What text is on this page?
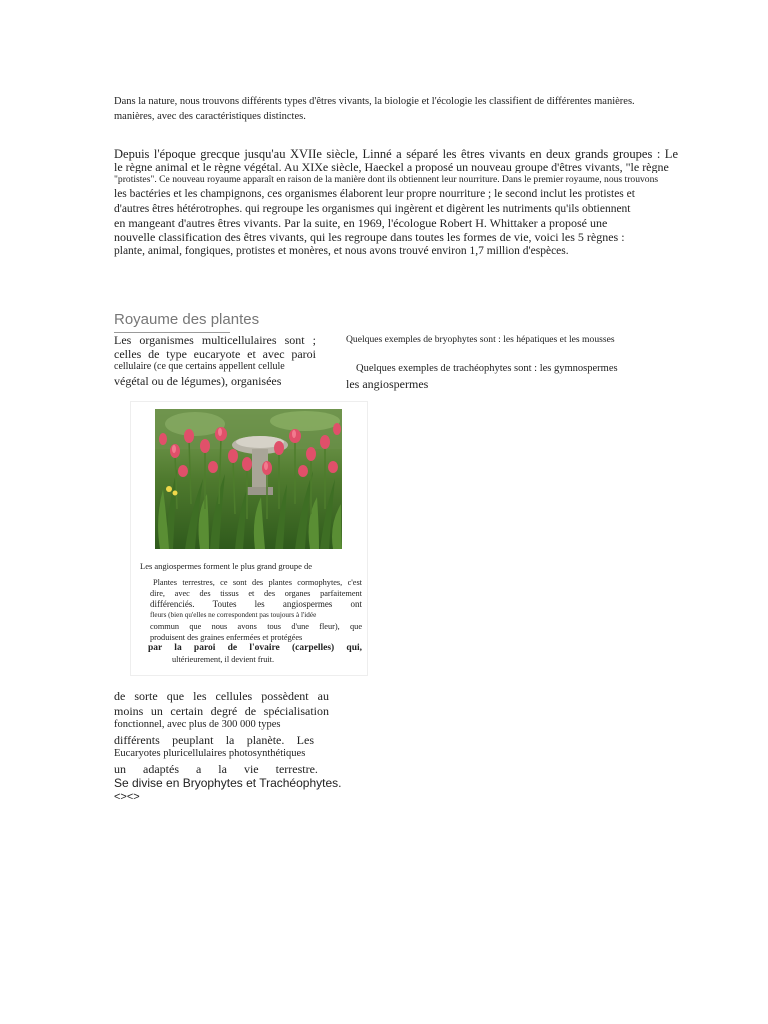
Dans la nature, nous trouvons différents types d'êtres vivants, la biologie et l'écologie les classifient de différentes manières.
manières, avec des caractéristiques distinctes.
Depuis l'époque grecque jusqu'au XVIIe siècle, Linné a séparé les êtres vivants en deux grands groupes : Le
le règne animal et le règne végétal. Au XIXe siècle, Haeckel a proposé un nouveau groupe d'êtres vivants, "le règne
"protistes". Ce nouveau royaume apparaît en raison de la manière dont ils obtiennent leur nourriture. Dans le premier royaume, nous trouvons
les bactéries et les champignons, ces organismes élaborent leur propre nourriture ; le second inclut les protistes et
d'autres êtres hétérotrophes. qui regroupe les organismes qui ingèrent et digèrent les nutriments qu'ils obtiennent
en mangeant d'autres êtres vivants. Par la suite, en 1969, l'écologue Robert H. Whittaker a proposé une
nouvelle classification des êtres vivants, qui les regroupe dans toutes les formes de vie, voici les 5 règnes :
plante, animal, fongiques, protistes et monères, et nous avons trouvé environ 1,7 million d'espèces.
Royaume des plantes
Les organismes multicellulaires sont ;
celles de type eucaryote et avec paroi
cellulaire (ce que certains appellent cellule
végétal ou de légumes), organisées
Quelques exemples de bryophytes sont : les hépatiques et les mousses
Quelques exemples de trachéophytes sont : les gymnospermes
les angiospermes
Les angiospermes forment le plus grand groupe de
Plantes terrestres, ce sont des plantes cormophytes, c'est
dire, avec des tissus et des organes parfaitement
différenciés. Toutes les angiospermes ont
fleurs (bien qu'elles ne correspondent pas toujours à l'idée
commun que nous avons tous d'une fleur), que
produisent des graines enfermées et protégées
par la paroi de l'ovaire (carpelles) qui,
ultérieurement, il devient fruit.
de sorte que les cellules possèdent au
moins un certain degré de spécialisation
fonctionnel, avec plus de 300 000 types
différents peuplant la planète. Les
Eucaryotes pluricellulaires photosynthétiques
un adaptés a la vie terrestre.
Se divise en Bryophytes et Trachéophytes.
<><>
